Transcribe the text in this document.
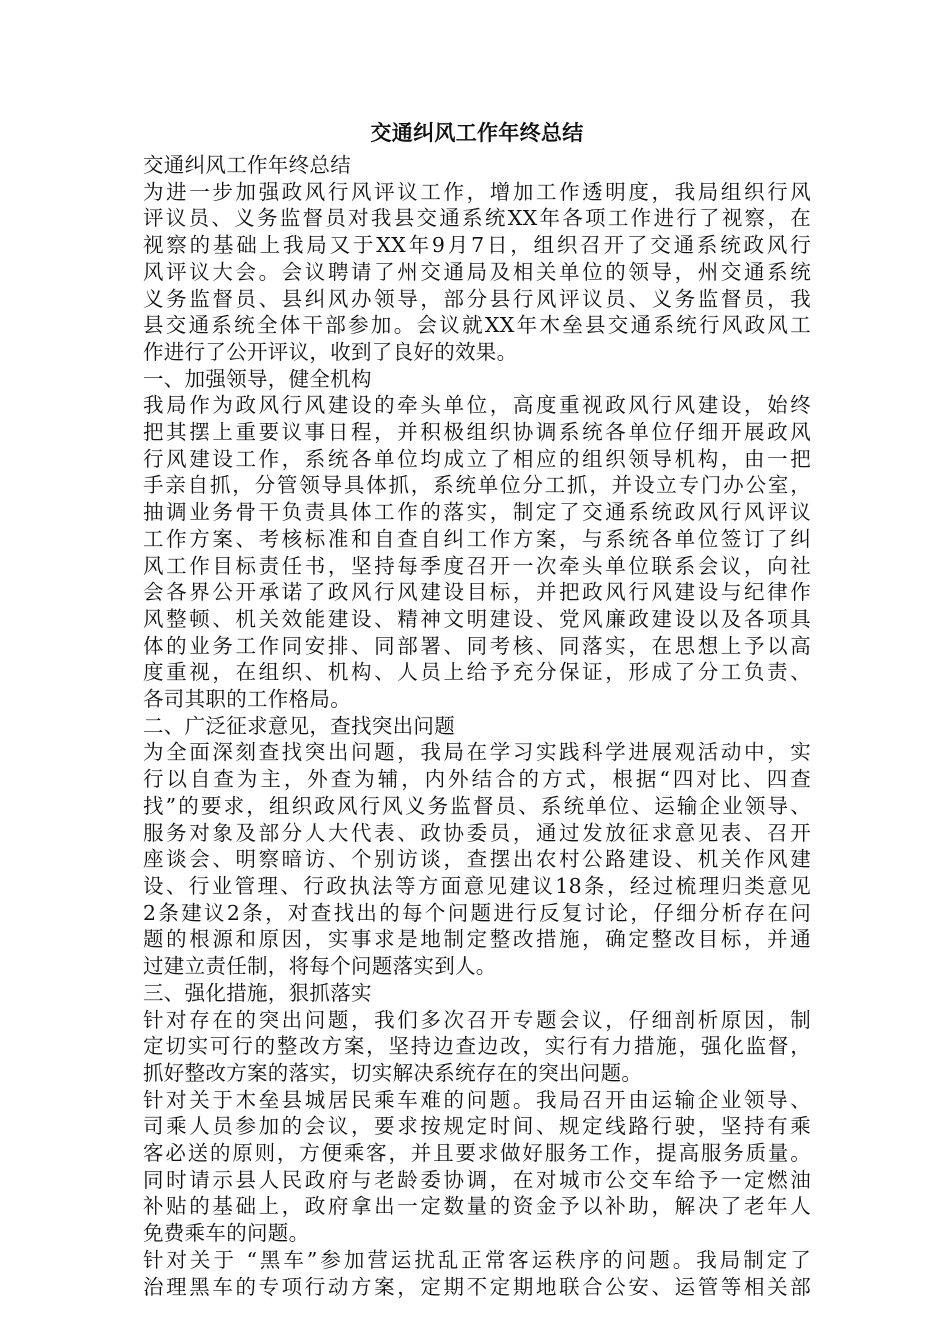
交通纠风工作年终总结
交通纠风工作年终总结
为进一步加强政风行风评议工作，增加工作透明度，我局组织行风
评议员、义务监督员对我县交通系统XX年各项工作进行了视察，在
视察的基础上我局又于XX年9月7日，组织召开了交通系统政风行
风评议大会。会议聘请了州交通局及相关单位的领导，州交通系统
义务监督员、县纠风办领导，部分县行风评议员、义务监督员，我
县交通系统全体干部参加。会议就XX年木垒县交通系统行风政风工
作进行了公开评议，收到了良好的效果。
一、加强领导，健全机构
我局作为政风行风建设的牵头单位，高度重视政风行风建设，始终
把其摆上重要议事日程，并积极组织协调系统各单位仔细开展政风
行风建设工作，系统各单位均成立了相应的组织领导机构，由一把
手亲自抓，分管领导具体抓，系统单位分工抓，并设立专门办公室，
抽调业务骨干负责具体工作的落实，制定了交通系统政风行风评议
工作方案、考核标准和自查自纠工作方案，与系统各单位签订了纠
风工作目标责任书，坚持每季度召开一次牵头单位联系会议，向社
会各界公开承诺了政风行风建设目标，并把政风行风建设与纪律作
风整顿、机关效能建设、精神文明建设、党风廉政建设以及各项具
体的业务工作同安排、同部署、同考核、同落实，在思想上予以高
度重视，在组织、机构、人员上给予充分保证，形成了分工负责、
各司其职的工作格局。
二、广泛征求意见，查找突出问题
为全面深刻查找突出问题，我局在学习实践科学进展观活动中，实
行以自查为主，外查为辅，内外结合的方式，根据“四对比、四查
找”的要求，组织政风行风义务监督员、系统单位、运输企业领导、
服务对象及部分人大代表、政协委员，通过发放征求意见表、召开
座谈会、明察暗访、个别访谈，查摆出农村公路建设、机关作风建
设、行业管理、行政执法等方面意见建议18条，经过梳理归类意见
2条建议2条，对查找出的每个问题进行反复讨论，仔细分析存在问
题的根源和原因，实事求是地制定整改措施，确定整改目标，并通
过建立责任制，将每个问题落实到人。
三、强化措施，狠抓落实
针对存在的突出问题，我们多次召开专题会议，仔细剖析原因，制
定切实可行的整改方案，坚持边查边改，实行有力措施，强化监督，
抓好整改方案的落实，切实解决系统存在的突出问题。
针对关于木垒县城居民乘车难的问题。我局召开由运输企业领导、
司乘人员参加的会议，要求按规定时间、规定线路行驶，坚持有乘
客必送的原则，方便乘客，并且要求做好服务工作，提高服务质量。
同时请示县人民政府与老龄委协调，在对城市公交车给予一定燃油
补贴的基础上，政府拿出一定数量的资金予以补助，解决了老年人
免费乘车的问题。
针对关于 “黑车”参加营运扰乱正常客运秩序的问题。我局制定了
治理黑车的专项行动方案，定期不定期地联合公安、运管等相关部
